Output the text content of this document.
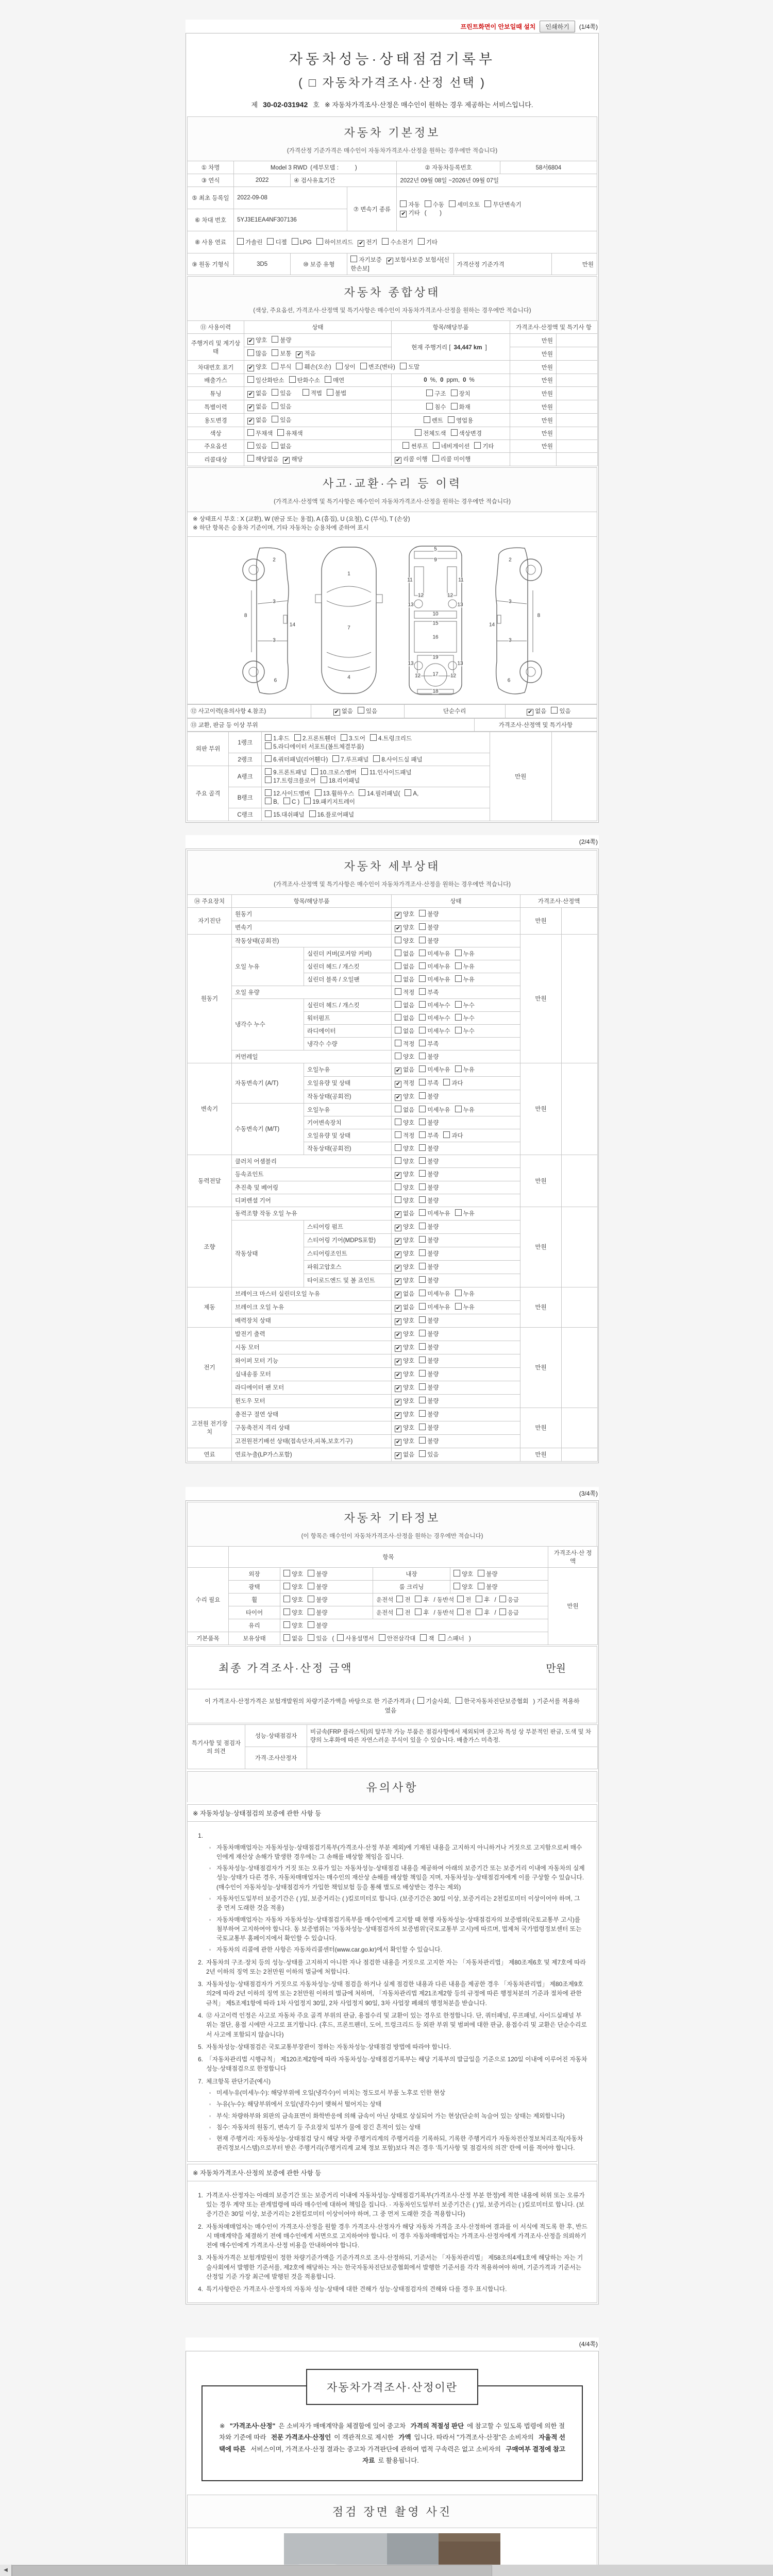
프린트화면이 안보일때 설치	인쇄하기	(1/4쪽)
자동차성능·상태점검기록부
( □ 자동차가격조사·산정 선택 )
제 30-02-031942 호 ※ 자동차가격조사·산정은 매수인이 원하는 경우 제공하는 서비스입니다.
자동차 기본정보
(가격산정 기준가격은 매수인이 자동차가격조사·산정을 원하는 경우에만 적습니다)
① 차명	Model 3 RWD (세부모델 :          )			② 자동차등록번호		58서6804	
③ 연식	2022	④ 검사유효기간		2022년 09월 08일 ~2026년 09월 07일			
⑤ 최초 등록일	2022-09-08		⑦ 변속기 종류	자동 수동 세미오토 무단변속기
✔ 기타 (        )			
⑥ 차대 번호	5YJ3E1EA4NF307136						
⑧ 사용 연료	가솔린 디젤 LPG 하이브리드 ✔ 전기 수소전기 기타						
⑨ 원동 기형식	3D5	⑩ 보증 유형	자기보증 ✔ 보험사보증 보험사[신한손보]		가격산정 기준가격		만원
자동차 종합상태
(색상, 주요옵션, 가격조사·산정액 및 특기사항은 매수인이 자동차가격조사·산정을 원하는 경우에만 적습니다)
⑪ 사용이력	상태	항목/해당부품	가격조사·산정액 및 특기사 항	
주행거리 및 계기상태	✔ 양호 불량	현재 주행거리 [ 34,447 km ]	만원	
	많음 보통 ✔ 적음		만원	
차대번호 표기	✔ 양호 부식 훼손(오손) 상이 변조(변타) 도말		만원	
배출가스	일산화탄소 탄화수소 매연	0 %, 0 ppm, 0 %	만원	
튜닝	✔ 없음 있음 적법 불법	구조 장치	만원	
특별이력	✔ 없음 있음	침수 화재	만원	
용도변경	✔ 없음 있음	렌트 영업용	만원	
색상	무채색 유채색	전체도색 색상변경	만원	
주요옵션	있음 없음	썬루프 네비게이션 기타	만원	
리콜대상	해당없음 ✔ 해당	✔ 리콜 이행 리콜 미이행		
사고·교환·수리 등 이력
(가격조사·산정액 및 특기사항은 매수인이 자동차가격조사·산정을 원하는 경우에만 적습니다)
※ 상태표시 부호 : X (교환), W (판금 또는 용접), A (흠집), U (요철), C (부식), T (손상)
※ 하단 항목은 승용차 기준이며, 기타 자동차는 승용차에 준하여 표시
2
8
3
14
3
6
1
7
4
5
9
11	11
12	12
13	13
10
15
16
19
13	13
12	12
17
18
2
8
3
14
3
6
⑫ 사고이력(유의사항 4.참조)	✔ 없음 있음	단순수리	✔ 없음 있음
⑬ 교환, 판금 등 이상 부위	가격조사·산정액 및 특기사항
외판 부위	1랭크	1.후드 2.프론트휀더 3.도어 4.트렁크리드
5.라디에이터 서포트(볼트체결부품)	만원	
	2랭크	6.쿼터패널(리어휀다) 7.루프패널 8.사이드실 패널		
주요 골격	A랭크	9.프론트패널 10.크로스멤버 11.인사이드패널
17.트렁크플로어 18.리어패널		
	B랭크	12.사이드멤버 13.휠하우스 14.필러패널( A,
B, C ) 19.패키지트레이		
	C랭크	15.대쉬패널 16.플로어패널		
(2/4쪽)
자동차 세부상태
(가격조사·산정액 및 특기사항은 매수인이 자동차가격조사·산정을 원하는 경우에만 적습니다)
⑭ 주요장치	항목/해당부품		상태	가격조사·산정액	
자기진단	원동기		✔ 양호 불량	만원	
	변속기		✔ 양호 불량		
원동기	작동상태(공회전)		양호 불량	만원	
	오일 누유	실린더 커버(로커암 커버)	없음 미세누유 누유		
		실린더 헤드 / 개스킷	없음 미세누유 누유		
		실린더 블록 / 오일팬	없음 미세누유 누유		
	오일 유량		적정 부족		
	냉각수 누수	실린더 헤드 / 개스킷	없음 미세누수 누수		
		워터펌프	없음 미세누수 누수		
		라디에이터	없음 미세누수 누수		
		냉각수 수량	적정 부족		
	커먼레일		양호 불량		
변속기	자동변속기 (A/T)	오일누유	✔ 없음 미세누유 누유	만원	
		오일유량 및 상태	✔ 적정 부족 과다		
		작동상태(공회전)	✔ 양호 불량		
	수동변속기 (M/T)	오일누유	없음 미세누유 누유		
		기어변속장치	양호 불량		
		오일유량 및 상태	적정 부족 과다		
		작동상태(공회전)	양호 불량		
동력전달	클러치 어셈블리		양호 불량	만원	
	등속죠인트		✔ 양호 불량		
	추진축 및 베어링		양호 불량		
	디퍼렌셜 기어		양호 불량		
조향	동력조향 작동 오일 누유		✔ 없음 미세누유 누유	만원	
	작동상태	스티어링 펌프	✔ 양호 불량		
		스티어링 기어(MDPS포함)	✔ 양호 불량		
		스티어링조인트	✔ 양호 불량		
		파워고압호스	✔ 양호 불량		
		타이로드엔드 및 볼 죠인트	✔ 양호 불량		
제동	브레이크 마스터 실린더오일 누유		✔ 없음 미세누유 누유	만원	
	브레이크 오일 누유		✔ 없음 미세누유 누유		
	배력장치 상태		✔ 양호 불량		
전기	발전기 출력		✔ 양호 불량	만원	
	시동 모터		✔ 양호 불량		
	와이퍼 모터 기능		✔ 양호 불량		
	실내송풍 모터		✔ 양호 불량		
	라디에이터 팬 모터		✔ 양호 불량		
	윈도우 모터		✔ 양호 불량		
고전원 전기장치	충전구 절연 상태		✔ 양호 불량	만원	
	구동축전지 격리 상태		✔ 양호 불량		
	고전원전기배선 상태(접속단자,피복,보호기구)		✔ 양호 불량		
연료	연료누출(LP가스포함)		✔ 없음 있음	만원	
(3/4쪽)
자동차 기타정보
(이 항목은 매수인이 자동차가격조사·산정을 원하는 경우에만 적습니다)
	항목				가격조사·산 정액
수리 필요	외장	양호 불량	내장	양호 불량	만원
	광택	양호 불량	룸 크리닝	양호 불량	
	휠	양호 불량	운전석 전 후 / 동반석 전 후 / 응급		
	타이어	양호 불량	운전석 전 후 / 동반석 전 후 / 응급		
	유리	양호 불량			
기본품목	보유상태	없음 있음 ( 사용설명서 안전삼각대 잭 스패너 )			
최종 가격조사·산정 금액	만원
이 가격조사·산정가격은 보험개발원의 차량기준가액을 바탕으로 한 기준가격과 ( 기술사회, 한국자동차진단보증협회 ) 기준서를 적용하였음
특기사항 및 점검자의 의견	성능·상태점검자	비금속(FRP 플라스틱)의 탈부착 가능 부품은 점검사항에서 제외되며 중고차 특성 상 부분적인 판금, 도색 및 차량의 노후화에 따른 자연스러운 부식이 있을 수 있습니다. 배출가스 미측정.
	가격·조사산정자	
유의사항
※ 자동차성능·상태점검의 보증에 관한 사항 등
1.
▫ 자동차매매업자는 자동차성능·상태점검기록부(가격조사·산정 부분 제외)에 기재된 내용을 고지하지 아니하거나 거짓으로 고지함으로써 매수인에게 재산상 손해가 발생한 경우에는 그 손해를 배상할 책임을 집니다.
▫ 자동차성능·상태점검자가 거짓 또는 오류가 있는 자동차성능·상태점검 내용을 제공하여 아래의 보증기간 또는 보증거리 이내에 자동차의 실제 성능·상태가 다른 경우, 자동차매매업자는 매수인의 재산상 손해를 배상할 책임을 지며, 자동차성능·상태점검자에게 이를 구상할 수 있습니다.(매수인이 자동차성능·상태점검자가 가입한 책임보험 등을 통해 별도로 배상받는 경우는 제외)
▫ 자동차인도일부터 보증기간은 ( )일, 보증거리는 ( )킬로미터로 합니다. (보증기간은 30일 이상, 보증거리는 2천킬로미터 이상이어야 하며, 그 중 먼저 도래한 것을 적용)
▫ 자동차매매업자는 자동차 자동차성능·상태점검기록부를 매수인에게 고지할 때 현행 자동차성능·상태점검자의 보증범위(국토교통부 고시)를 첨부하여 고지하여야 합니다. 동 보증범위는 '자동차성능·상태점검자의 보증범위'(국토교통부 고시)에 따르며, 법제처 국가법령정보센터 또는 국토교통부 홈페이지에서 확인할 수 있습니다.
▫ 자동차의 리콜에 관한 사항은 자동차리콜센터(www.car.go.kr)에서 확인할 수 있습니다.
2. 자동차의 구조·장치 등의 성능·상태를 고지하지 아니한 자나 점검한 내용을 거짓으로 고지한 자는 「자동차관리법」 제80조제6호 및 제7호에 따라 2년 이하의 징역 또는 2천만원 이하의 벌금에 처합니다.
3. 자동차성능·상태점검자가 거짓으로 자동차성능·상태 점검을 하거나 실제 점검한 내용과 다른 내용을 제공한 경우 「자동차관리법」 제80조제9호의2에 따라 2년 이하의 징역 또는 2천만원 이하의 벌금에 처하며, 「자동차관리법 제21조제2항 등의 규정에 따른 행정처분의 기준과 절차에 관한 규칙」 제5조제1항에 따라 1차 사업정지 30일, 2차 사업정지 90일, 3차 사업장 폐쇄의 행정처분을 받습니다.
4. ⑫ 사고이력 인정은 사고로 자동차 주요 골격 부위의 판금, 용접수리 및 교환이 있는 경우로 한정합니다. 단, 쿼터패널, 루프패널, 사이드실패널 부위는 절단, 용접 시에만 사고로 표기합니다. (후드, 프론트펜더, 도어, 트렁크리드 등 외판 부위 및 범퍼에 대한 판금, 용접수리 및 교환은 단순수리로서 사고에 포함되지 않습니다)
5. 자동차성능·상태점검은 국토교통부장관이 정하는 자동차성능·상태점검 방법에 따라야 합니다.
6. 「자동차관리법 시행규칙」 제120조제2항에 따라 자동차성능·상태점검기록부는 해당 기록부의 발급일을 기준으로 120일 이내에 이루어진 자동차 성능·상태점검으로 한정합니다
7. 체크항목 판단기준(예시)
▫ 미세누유(미세누수): 해당부위에 오일(냉각수)이 비치는 정도로서 부품 노후로 인한 현상
▫ 누유(누수): 해당부위에서 오일(냉각수)이 맺혀서 떨어지는 상태
▫ 부식: 차량하부와 외판의 금속표면이 화학반응에 의해 금속이 아닌 상태로 상실되어 가는 현상(단순히 녹슬어 있는 상태는 제외합니다)
▫ 침수: 자동차의 원동기, 변속기 등 주요장치 일부가 물에 잠긴 흔적이 있는 상태
▫ 현재 주행거리: 자동차성능·상태점검 당시 해당 차량 주행거리계의 주행거리를 기록하되, 기록한 주행거리가 자동차전산정보처리조직(자동차관리정보시스템)으로부터 받은 주행거리(주행거리계 교체 정보 포함)보다 적은 경우 '특기사항 및 점검자의 의견' 란에 이를 적어야 합니다.
※ 자동차가격조사·산정의 보증에 관한 사항 등
1. 가격조사·산정자는 아래의 보증기간 또는 보증거리 이내에 자동차성능·상태점검기록부(가격조사·산정 부분 한정)에 적한 내용에 허위 또는 오류가 있는 경우 계약 또는 관계법령에 따라 매수인에 대하여 책임을 집니다. · 자동차인도일부터 보증기간은 ( )일, 보증거리는 ( )킬로미터로 합니다. (보증기간은 30일 이상, 보증거리는 2천킬로미터 이상이어야 하며, 그 중 먼저 도래한 것을 적용합니다)
2. 자동차매매업자는 매수인이 가격조사·산정을 원할 경우 가격조사·산정자가 해당 자동차 가격을 조사·산정하여 결과를 이 서식에 적도록 한 후, 반드시 매매계약을 체결하기 전에 매수인에게 서면으로 고지하여야 합니다. 이 경우 자동차매매업자는 가격조사·산정자에게 가격조사·산정을 의뢰하기 전에 매수인에게 가격조사·산정 비용을 안내하여야 합니다.
3. 자동차가격은 보험개발원이 정한 차량기준가액을 기준가격으로 조사·산정하되, 기준서는 「자동차관리법」 제58조의4제1호에 해당하는 자는 기술사회에서 발행한 기준서를, 제2호에 해당하는 자는 한국자동차진단보증협회에서 발행한 기준서를 각각 적용하여야 하며, 기준가격과 기준서는 산정일 기준 가장 최근에 발행된 것을 적용합니다.
4. 특기사항란은 가격조사·산정자의 자동차 성능·상태에 대한 견해가 성능·상태점검자의 견해와 다를 경우 표시합니다.
(4/4쪽)
자동차가격조사·산정이란
※ "가격조사·산정" 은 소비자가 매매계약을 체결함에 있어 중고차 가격의 적절성 판단 에 참고할 수 있도록 법령에 의한 절차와 기준에 따라 전문 가격조사·산정인 이 객관적으로 제시한 가액 입니다. 따라서 "가격조사·산정"은 소비자의 자율적 선택에 따른 서비스이며, 가격조사·산정 결과는 중고차 가격판단에 관하여 법적 구속력은 없고 소비자의 구매여부 결정에 참고자료 로 활용됩니다.
점검 장면 촬영 사진
◀
